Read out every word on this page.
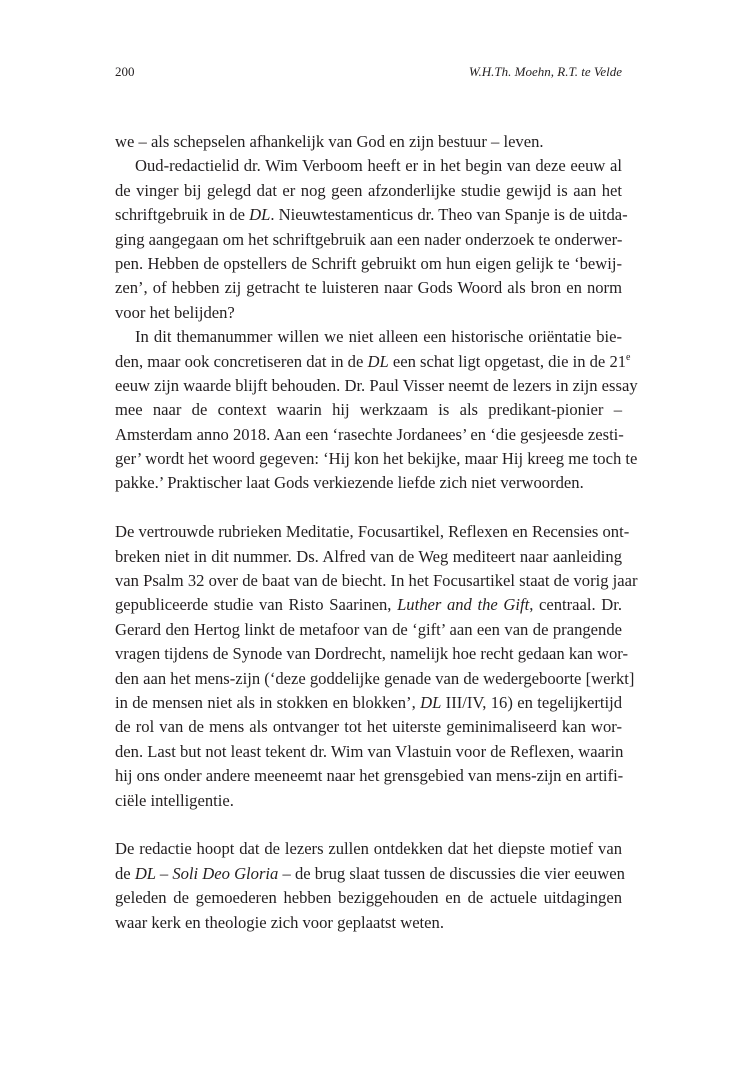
200	W.H.Th. Moehn, R.T. te Velde
we – als schepselen afhankelijk van God en zijn bestuur – leven.
Oud-redactielid dr. Wim Verboom heeft er in het begin van deze eeuw al
de vinger bij gelegd dat er nog geen afzonderlijke studie gewijd is aan het
schriftgebruik in de DL. Nieuwtestamenticus dr. Theo van Spanje is de uitda-
ging aangegaan om het schriftgebruik aan een nader onderzoek te onderwer-
pen. Hebben de opstellers de Schrift gebruikt om hun eigen gelijk te ‘bewij-
zen’, of hebben zij getracht te luisteren naar Gods Woord als bron en norm
voor het belijden?
In dit themanummer willen we niet alleen een historische oriëntatie bie-
den, maar ook concretiseren dat in de DL een schat ligt opgetast, die in de 21e
eeuw zijn waarde blijft behouden. Dr. Paul Visser neemt de lezers in zijn essay
mee naar de context waarin hij werkzaam is als predikant-pionier –
Amsterdam anno 2018. Aan een ‘rasechte Jordanees’ en ‘die gesjeesde zesti-
ger’ wordt het woord gegeven: ‘Hij kon het bekijke, maar Hij kreeg me toch te
pakke.’ Praktischer laat Gods verkiezende liefde zich niet verwoorden.
De vertrouwde rubrieken Meditatie, Focusartikel, Reflexen en Recensies ont-
breken niet in dit nummer. Ds. Alfred van de Weg mediteert naar aanleiding
van Psalm 32 over de baat van de biecht. In het Focusartikel staat de vorig jaar
gepubliceerde studie van Risto Saarinen, Luther and the Gift, centraal. Dr.
Gerard den Hertog linkt de metafoor van de ‘gift’ aan een van de prangende
vragen tijdens de Synode van Dordrecht, namelijk hoe recht gedaan kan wor-
den aan het mens-zijn (‘deze goddelijke genade van de wedergeboorte [werkt]
in de mensen niet als in stokken en blokken’, DL III/IV, 16) en tegelijkertijd
de rol van de mens als ontvanger tot het uiterste geminimaliseerd kan wor-
den. Last but not least tekent dr. Wim van Vlastuin voor de Reflexen, waarin
hij ons onder andere meeneemt naar het grensgebied van mens-zijn en artifi-
ciële intelligentie.
De redactie hoopt dat de lezers zullen ontdekken dat het diepste motief van
de DL – Soli Deo Gloria – de brug slaat tussen de discussies die vier eeuwen
geleden de gemoederen hebben beziggehouden en de actuele uitdagingen
waar kerk en theologie zich voor geplaatst weten.
